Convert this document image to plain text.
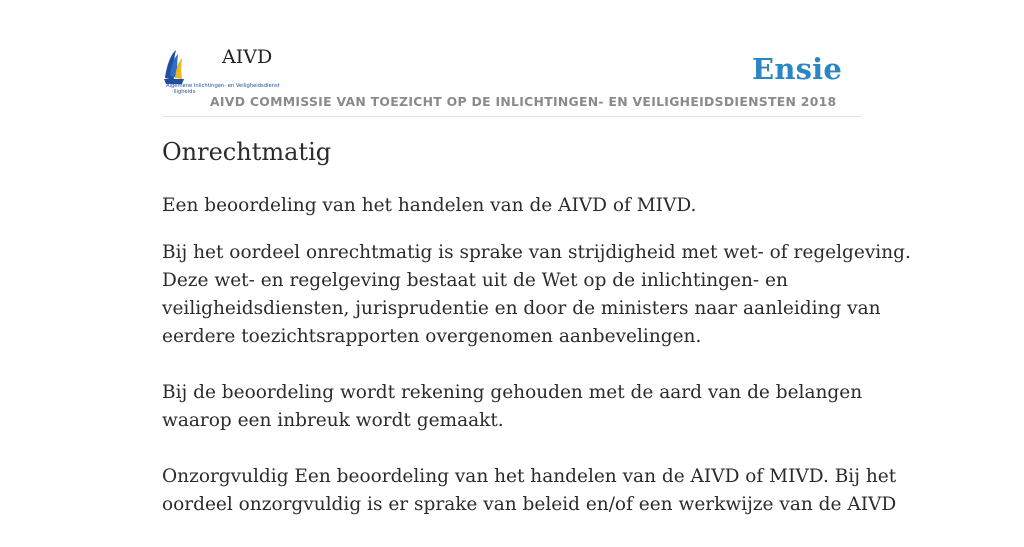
Algemene Inlichtingen- en Veiligheidsdienst
·lligheids·
AIVD	Ensie
AIVD COMMISSIE VAN TOEZICHT OP DE INLICHTINGEN- EN VEILIGHEIDSDIENSTEN 2018
Onrechtmatig

Een beoordeling van het handelen van de AIVD of MIVD.

Bij het oordeel onrechtmatig is sprake van strijdigheid met wet- of regelgeving.
Deze wet- en regelgeving bestaat uit de Wet op de inlichtingen- en
veiligheidsdiensten, jurisprudentie en door de ministers naar aanleiding van
eerdere toezichtsrapporten overgenomen aanbevelingen.

Bij de beoordeling wordt rekening gehouden met de aard van de belangen
waarop een inbreuk wordt gemaakt.

Onzorgvuldig Een beoordeling van het handelen van de AIVD of MIVD. Bij het
oordeel onzorgvuldig is er sprake van beleid en/of een werkwijze van de AIVD
